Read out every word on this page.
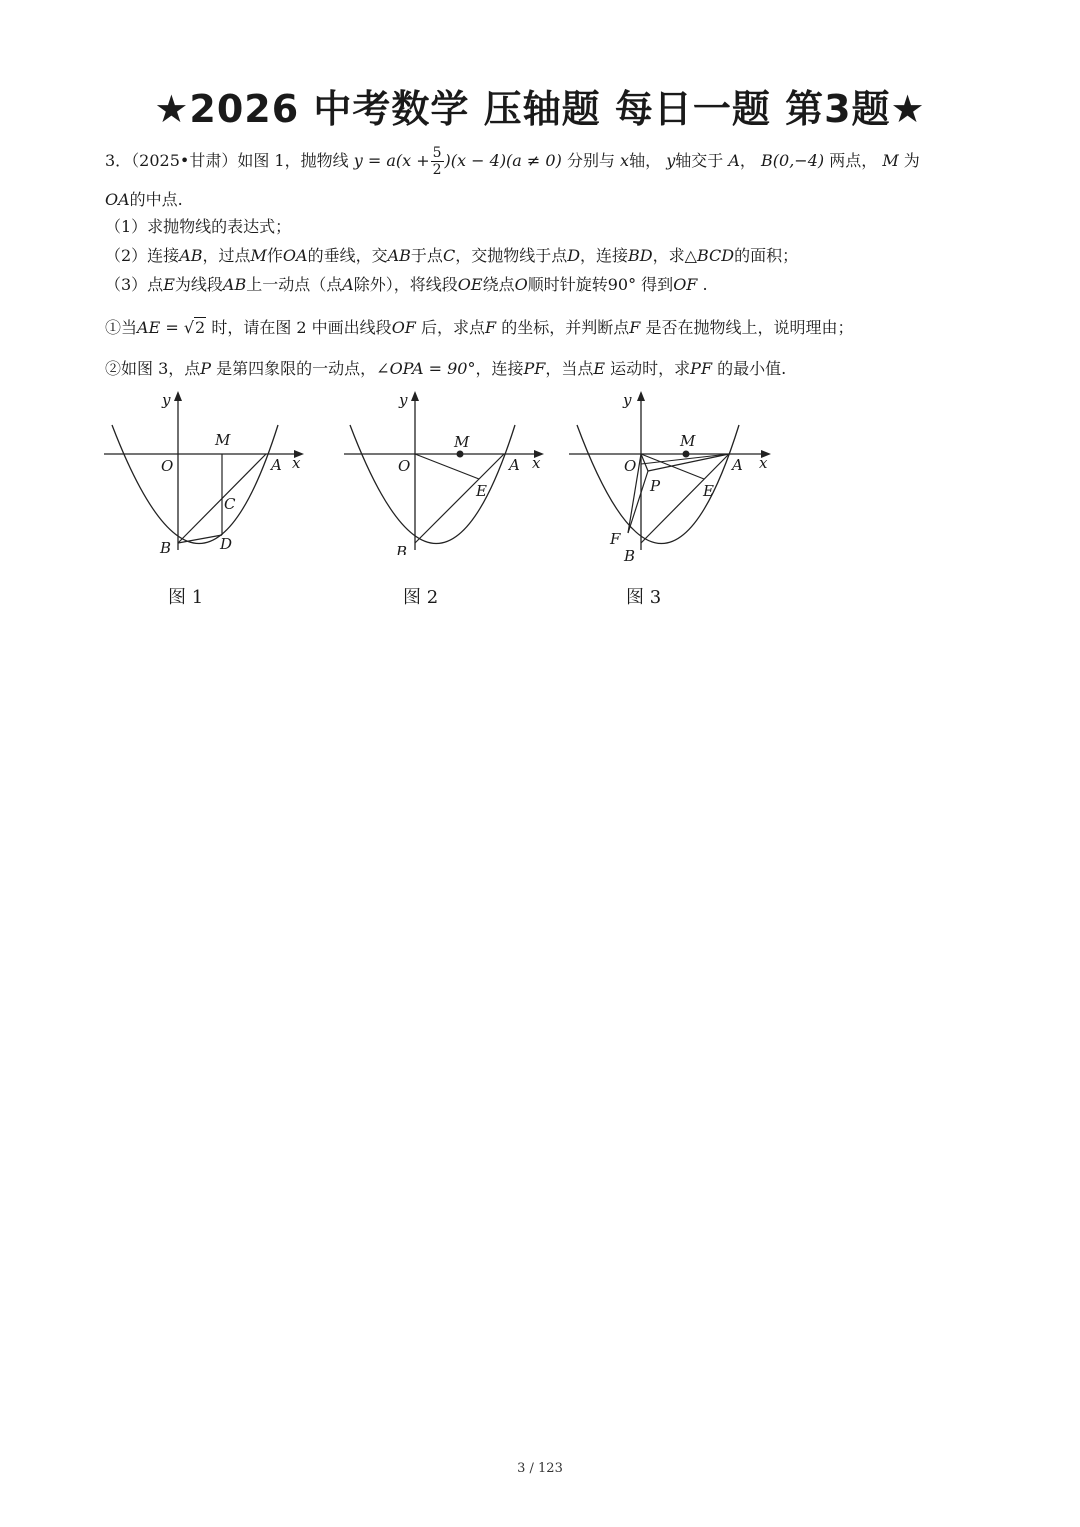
★2026 中考数学 压轴题 每日一题 第3题★
3．（2025•甘肃）如图 1，抛物线 $y = a(x + \frac{5}{2} )(x - 4)(a \ne 0)$ 分别与 x轴， y轴交于 A， B(0,−4) 两点， M 为
OA的中点.
（1）求抛物线的表达式；
（2）连接AB，过点M作OA的垂线，交AB于点C，交抛物线于点D，连接BD，求△BCD的面积；
（3）点E为线段AB上一动点（点A除外），将线段OE绕点O顺时针旋转90° 得到OF .
①当AE = √2 时，请在图 2 中画出线段OF 后，求点F 的坐标，并判断点F 是否在抛物线上，说明理由；
②如图 3，点P 是第四象限的一动点，∠OPA = 90°，连接PF，当点E 运动时，求PF 的最小值.
y
x
O	A
B
M
C
D
图 1
y
x
O	A
B
M
E
图 2
y
x
O	A
B
M
E
P
F
图 3
3 / 123
